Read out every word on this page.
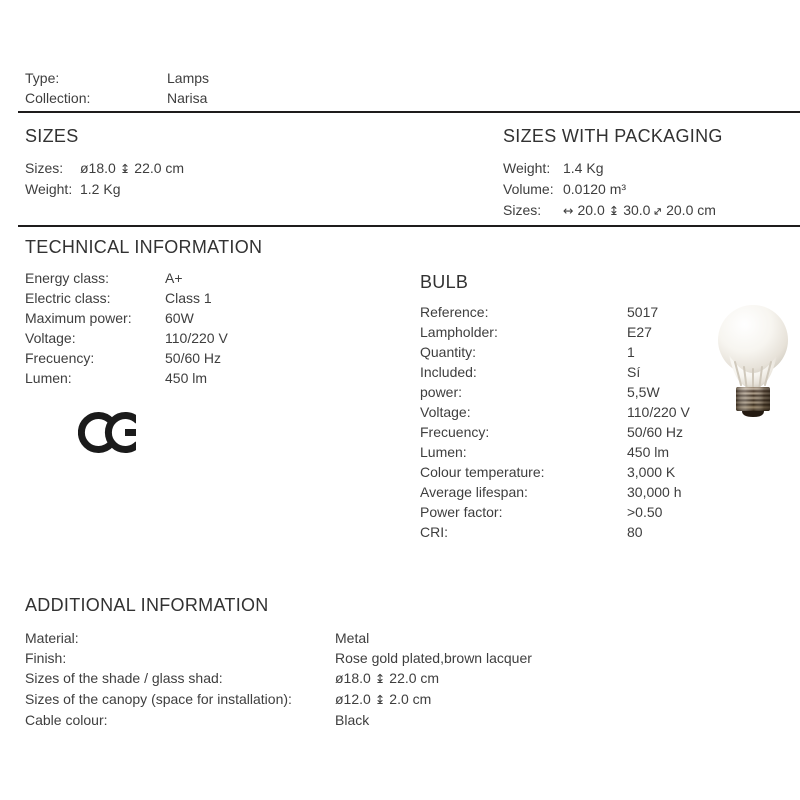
Type:	Lamps
Collection:	Narisa
SIZES
Sizes:	ø18.0 ↨ 22.0 cm
Weight: 1.2 Kg
SIZES WITH PACKAGING
Weight: 1.4 Kg
Volume: 0.0120 m³
Sizes:	↔ 20.0 ↨ 30.0↔20.0 cm
TECHNICAL INFORMATION
Energy class:	A+
Electric class:	Class 1
Maximum power:	60W
Voltage:	110/220 V
Frecuency:	50/60 Hz
Lumen:	450 lm
BULB
Reference:	5017
Lampholder:	E27
Quantity:	1
Included:	Sí
power:	5,5W
Voltage:	110/220 V
Frecuency:	50/60 Hz
Lumen:	450 lm
Colour temperature:	3,000 K
Average lifespan:	30,000 h
Power factor:	>0.50
CRI:	80
ADDITIONAL INFORMATION
Material:	Metal
Finish:	Rose gold plated,brown lacquer
Sizes of the shade / glass shad:	ø18.0 ↨ 22.0 cm
Sizes of the canopy (space for installation):	ø12.0 ↨ 2.0 cm
Cable colour:	Black
